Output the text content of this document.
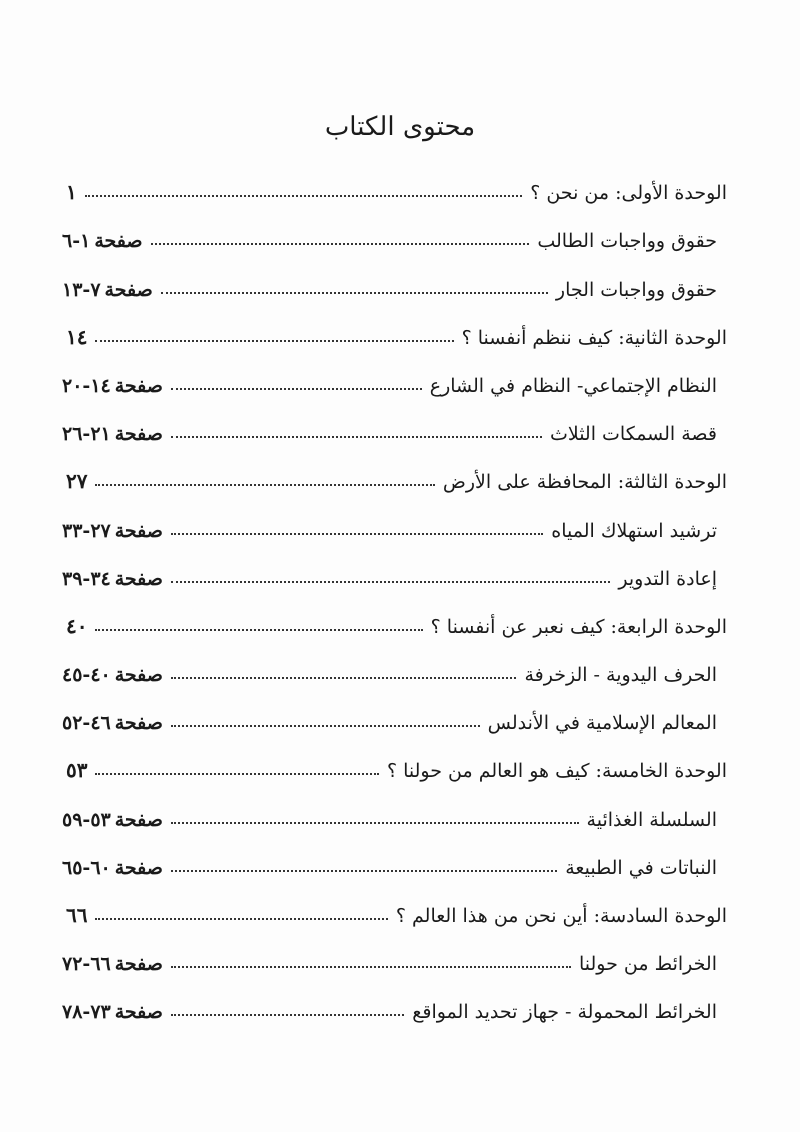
محتوى الكتاب
الوحدة الأولى: من نحن ؟
١
حقوق وواجبات الطالب
صفحة١-٦
حقوق وواجبات الجار
صفحة٧-١٣
الوحدة الثانية: كيف ننظم أنفسنا ؟
١٤
النظام الإجتماعي- النظام في الشارع
صفحة١٤-٢٠
قصة السمكات الثلاث
صفحة٢١-٢٦
الوحدة الثالثة: المحافظة على الأرض
٢٧
ترشيد استهلاك المياه
صفحة٢٧-٣٣
إعادة التدوير
صفحة٣٤-٣٩
الوحدة الرابعة: كيف نعبر عن أنفسنا ؟
٤٠
الحرف اليدوية - الزخرفة
صفحة٤٠-٤٥
المعالم الإسلامية في الأندلس
صفحة٤٦-٥٢
الوحدة الخامسة: كيف هو العالم من حولنا ؟
٥٣
السلسلة الغذائية
صفحة٥٣-٥٩
النباتات في الطبيعة
صفحة٦٠-٦٥
الوحدة السادسة: أين نحن من هذا العالم ؟
٦٦
الخرائط من حولنا
صفحة٦٦-٧٢
الخرائط المحمولة - جهاز تحديد المواقع
صفحة٧٣-٧٨
